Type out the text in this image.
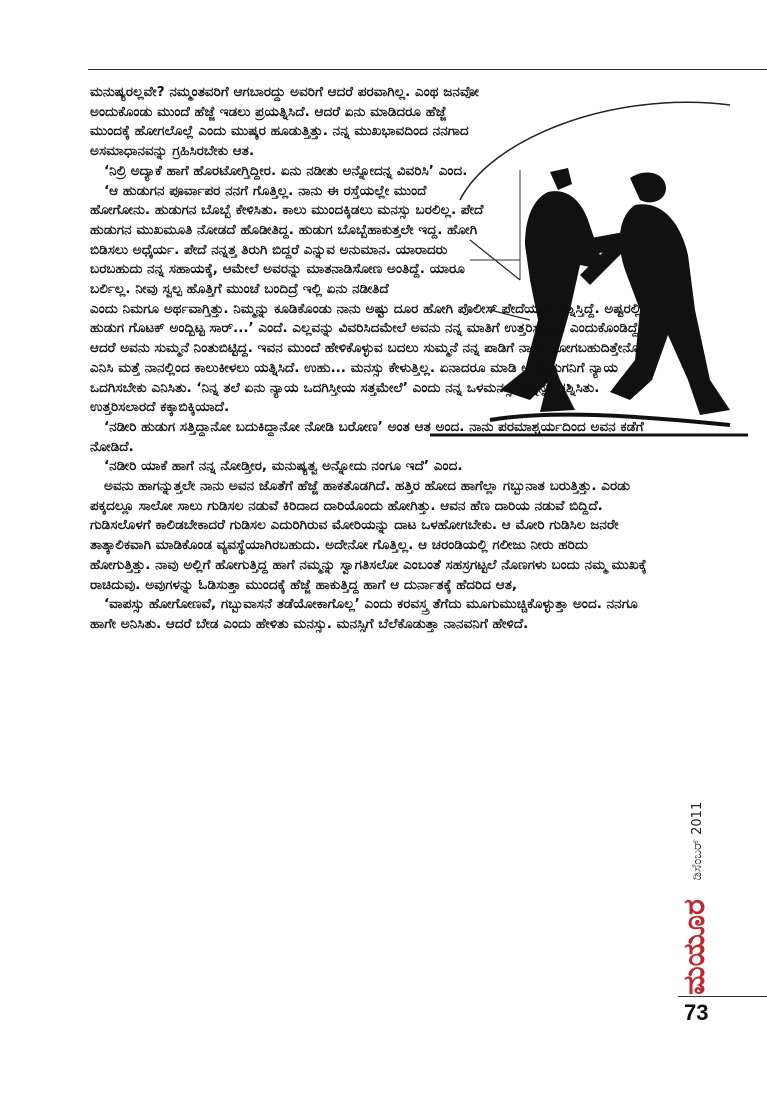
ಮನುಷ್ಯರಲ್ಲವೇ? ನಮ್ಮಂತವರಿಗೆ ಆಗಬಾರದ್ದು ಅವರಿಗೆ ಆದರೆ ಪರವಾಗಿಲ್ಲ. ಎಂಥ ಜನವೋ ಅಂದುಕೊಂಡು ಮುಂದೆ ಹೆಜ್ಜೆ ಇಡಲು ಪ್ರಯತ್ನಿಸಿದೆ. ಆದರೆ ಏನು ಮಾಡಿದರೂ ಹೆಜ್ಜೆ ಮುಂದಕ್ಕೆ ಹೋಗಲೊಲ್ಲೆ ಎಂದು ಮುಷ್ಕರ ಹೂಡುತ್ತಿತ್ತು. ನನ್ನ ಮುಖಭಾವದಿಂದ ನನಗಾದ ಅಸಮಾಧಾನವನ್ನು ಗ್ರಹಿಸಿರಬೇಕು ಆತ.

‘ನಿಲ್ರಿ ಅದ್ಯಾಕೆ ಹಾಗೆ ಹೊರಟೋಗ್ತಿದ್ದೀರ. ಏನು ನಡೀತು ಅನ್ನೋದನ್ನ ವಿವರಿಸಿ’ ಎಂದ.

‘ಆ ಹುಡುಗನ ಪೂರ್ವಾಪರ ನನಗೆ ಗೊತ್ತಿಲ್ಲ. ನಾನು ಈ ರಸ್ತೆಯಲ್ಲೇ ಮುಂದೆ ಹೋಗೋನು. ಹುಡುಗನ ಬೊಬ್ಬೆ ಕೇಳಿಸಿತು. ಕಾಲು ಮುಂದಕ್ಕಿಡಲು ಮನಸ್ಸು ಬರಲಿಲ್ಲ. ಪೇದೆ ಹುಡುಗನ ಮುಖಮೂತಿ ನೋಡದೆ ಹೊಡೀತಿದ್ದ. ಹುಡುಗ ಬೊಬ್ಬೆಹಾಕುತ್ತಲೇ ಇದ್ದ. ಹೋಗಿ ಬಿಡಿಸಲು ಅಧೈರ್ಯ. ಪೇದೆ ನನ್ನತ್ತ ತಿರುಗಿ ಬಿದ್ದರೆ ಎನ್ನುವ ಅನುಮಾನ. ಯಾರಾದರು ಬರಬಹುದು ನನ್ನ ಸಹಾಯಕ್ಕೆ, ಆಮೇಲೆ ಅವರನ್ನು ಮಾತನಾಡಿಸೋಣ ಅಂತಿದ್ದೆ. ಯಾರೂ ಬರ್ಲಿಲ್ಲ. ನೀವು ಸ್ವಲ್ಪ ಹೊತ್ತಿಗೆ ಮುಂಚೆ ಬಂದಿದ್ರೆ ಇಲ್ಲಿ ಏನು ನಡೀತಿದೆ

ಎಂದು ನಿಮಗೂ ಅರ್ಥವಾಗ್ತಿತ್ತು. ನಿಮ್ಮನ್ನು ಕೂಡಿಕೊಂಡು ನಾನು ಅಷ್ಟು ದೂರ ಹೋಗಿ ಪೊಲೀಸ್ ಪೇದೆಯನ್ನು ಪ್ರಶ್ನಿಸ್ತಿದ್ದೆ. ಅಷ್ಟರಲ್ಲಿ ಹುಡುಗ ಗೊಟಕ್ ಅಂದ್ಬಿಟ್ಟ ಸಾರ್...’ ಎಂದೆ. ಎಲ್ಲವನ್ನು ವಿವರಿಸಿದಮೇಲೆ ಅವನು ನನ್ನ ಮಾತಿಗೆ ಉತ್ತರಿಸುತ್ತಾನೆ ಎಂದುಕೊಂಡಿದ್ದೆ. ಆದರೆ ಅವನು ಸುಮ್ಮನೆ ನಿಂತುಬಿಟ್ಟಿದ್ದ. ಇವನ ಮುಂದೆ ಹೇಳಿಕೊಳ್ಳುವ ಬದಲು ಸುಮ್ಮನೆ ನನ್ನ ಪಾಡಿಗೆ ನಾನು ಹೋಗಬಹುದಿತ್ತೇನೋ ಎನಿಸಿ ಮತ್ತೆ ನಾನಲ್ಲಿಂದ ಕಾಲುಕೀಳಲು ಯತ್ನಿಸಿದೆ. ಉಹು... ಮನಸ್ಸು ಕೇಳುತ್ತಿಲ್ಲ. ಏನಾದರೂ ಮಾಡಿ ಆ ಹುಡುಗನಿಗೆ ನ್ಯಾಯ ಒದಗಿಸಬೇಕು ಎನಿಸಿತು. ‘ನಿನ್ನ ತಲೆ ಏನು ನ್ಯಾಯ ಒದಗಿಸ್ತೀಯ ಸತ್ತಮೇಲೆ’ ಎಂದು ನನ್ನ ಒಳಮನಸ್ಸು ನನ್ನನ್ನು ಪ್ರಶ್ನಿಸಿತು. ಉತ್ತರಿಸಲಾರದೆ ಕಕ್ಕಾಬಿಕ್ಕಿಯಾದೆ.

‘ನಡೀರಿ ಹುಡುಗ ಸತ್ತಿದ್ದಾನೋ ಬದುಕಿದ್ದಾನೋ ನೋಡಿ ಬರೋಣ’ ಅಂತ ಆತ ಅಂದ. ನಾನು ಪರಮಾಶ್ಚರ್ಯದಿಂದ ಅವನ ಕಡೆಗೆ ನೋಡಿದೆ.

‘ನಡೀರಿ ಯಾಕೆ ಹಾಗೆ ನನ್ನ ನೋಡ್ತೀರ, ಮನುಷ್ಯತ್ವ ಅನ್ನೋದು ನಂಗೂ ಇದೆ’ ಎಂದ.

ಅವನು ಹಾಗನ್ನುತ್ತಲೇ ನಾನು ಅವನ ಜೊತೆಗೆ ಹೆಜ್ಜೆ ಹಾಕತೊಡಗಿದೆ. ಹತ್ತಿರ ಹೋದ ಹಾಗೆಲ್ಲಾ ಗಬ್ಬುನಾತ ಬರುತ್ತಿತ್ತು. ಎರಡು ಪಕ್ಕದಲ್ಲೂ ಸಾಲೋ ಸಾಲು ಗುಡಿಸಲ ನಡುವೆ ಕಿರಿದಾದ ದಾರಿಯೊಂದು ಹೋಗಿತ್ತು. ಆವನ ಹೆಣ ದಾರಿಯ ನಡುವೆ ಬಿದ್ದಿದೆ. ಗುಡಿಸಲೊಳಗೆ ಕಾಲಿಡಬೇಕಾದರೆ ಗುಡಿಸಲ ಎದುರಿಗಿರುವ ಮೋರಿಯನ್ನು ದಾಟ ಒಳಹೋಗಬೇಕು. ಆ ಮೋರಿ ಗುಡಿಸಿಲ ಜನರೇ ತಾತ್ಕಾಲಿಕವಾಗಿ ಮಾಡಿಕೊಂಡ ವ್ಯವಸ್ಥೆಯಾಗಿರಬಹುದು. ಅದೇನೋ ಗೊತ್ತಿಲ್ಲ. ಆ ಚರಂಡಿಯಲ್ಲಿ ಗಲೀಜು ನೀರು ಹರಿದು ಹೋಗುತ್ತಿತ್ತು. ನಾವು ಅಲ್ಲಿಗೆ ಹೋಗುತ್ತಿದ್ದ ಹಾಗೆ ನಮ್ಮನ್ನು ಸ್ವಾಗತಿಸಲೋ ಎಂಬಂತೆ ಸಹಸ್ರಗಟ್ಟಲೆ ನೊಣಗಳು ಬಂದು ನಮ್ಮ ಮುಖಕ್ಕೆ ರಾಚಿದುವು. ಅವುಗಳನ್ನು ಓಡಿಸುತ್ತಾ ಮುಂದಕ್ಕೆ ಹೆಜ್ಜೆ ಹಾಕುತ್ತಿದ್ದ ಹಾಗೆ ಆ ದುರ್ನಾತಕ್ಕೆ ಹೆದರಿದ ಆತ,

‘ವಾಪಸ್ಸು ಹೋಗೋಣವೆ, ಗಬ್ಬುವಾಸನೆ ತಡೆಯೋಕಾಗೊಲ್ಲ’ ಎಂದು ಕರವಸ್ತ್ರ ತೆಗೆದು ಮೂಗುಮುಚ್ಚಿಕೊಳ್ಳುತ್ತಾ ಅಂದ. ನನಗೂ ಹಾಗೇ ಅನಿಸಿತು. ಆದರೆ ಬೇಡ ಎಂದು ಹೇಳಿತು ಮನಸ್ಸು. ಮನಸ್ಸಿಗೆ ಬೆಲೆಕೊಡುತ್ತಾ ನಾನವನಿಗೆ ಹೇಳಿದೆ.

ಡಿಸೆಂಬರ್ 2011
ಮಯೂರ
73
